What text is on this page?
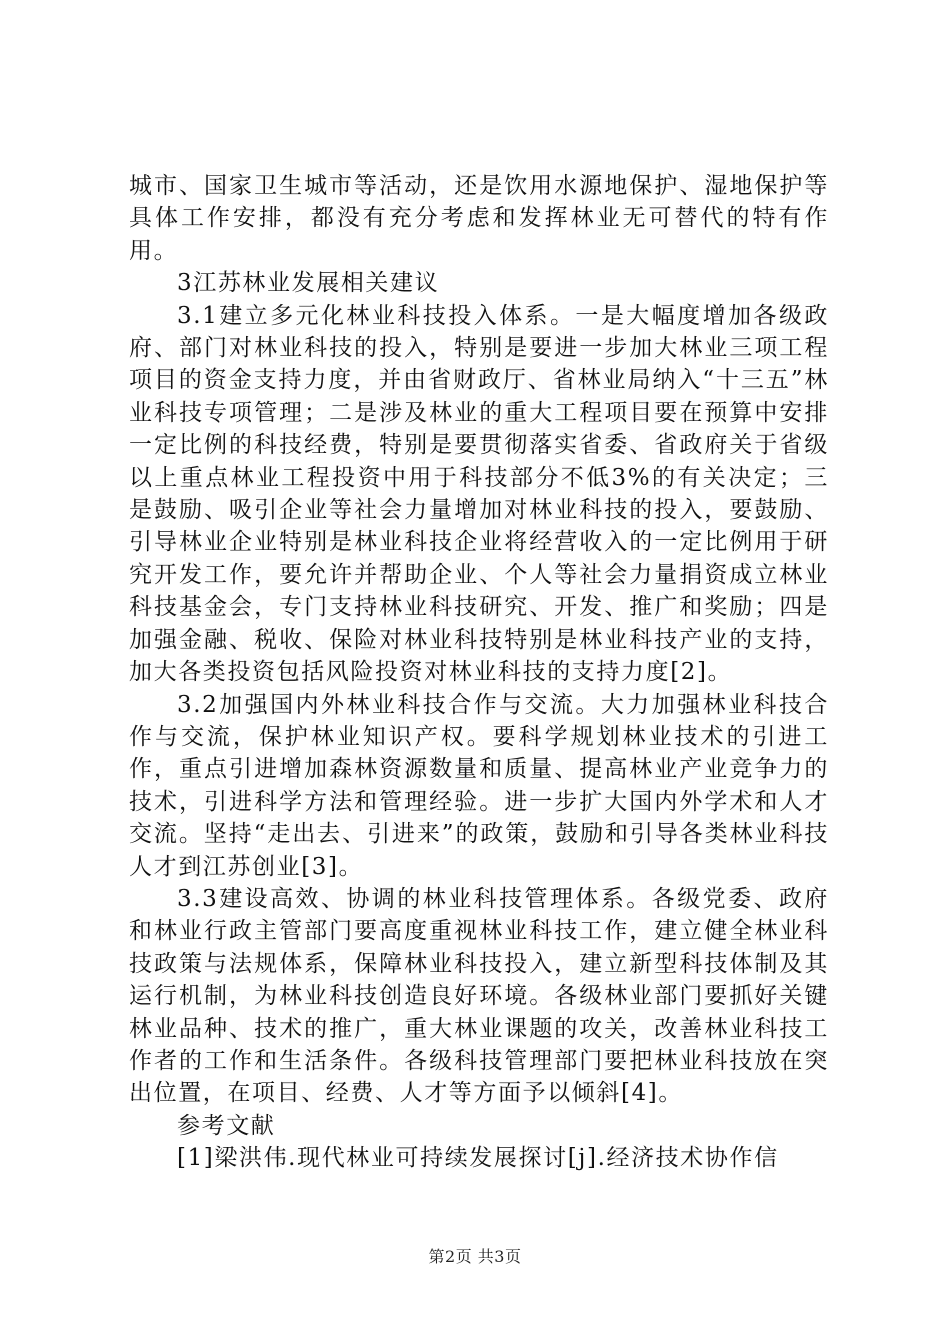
城市、国家卫生城市等活动，还是饮用水源地保护、湿地保护等具体工作安排，都没有充分考虑和发挥林业无可替代的特有作用。

3江苏林业发展相关建议

3.1建立多元化林业科技投入体系。一是大幅度增加各级政府、部门对林业科技的投入，特别是要进一步加大林业三项工程项目的资金支持力度，并由省财政厅、省林业局纳入“十三五”林业科技专项管理；二是涉及林业的重大工程项目要在预算中安排一定比例的科技经费，特别是要贯彻落实省委、省政府关于省级以上重点林业工程投资中用于科技部分不低3%的有关决定；三是鼓励、吸引企业等社会力量增加对林业科技的投入，要鼓励、引导林业企业特别是林业科技企业将经营收入的一定比例用于研究开发工作，要允许并帮助企业、个人等社会力量捐资成立林业科技基金会，专门支持林业科技研究、开发、推广和奖励；四是加强金融、税收、保险对林业科技特别是林业科技产业的支持，加大各类投资包括风险投资对林业科技的支持力度[2]。

3.2加强国内外林业科技合作与交流。大力加强林业科技合作与交流，保护林业知识产权。要科学规划林业技术的引进工作，重点引进增加森林资源数量和质量、提高林业产业竞争力的技术，引进科学方法和管理经验。进一步扩大国内外学术和人才交流。坚持“走出去、引进来”的政策，鼓励和引导各类林业科技人才到江苏创业[3]。

3.3建设高效、协调的林业科技管理体系。各级党委、政府和林业行政主管部门要高度重视林业科技工作，建立健全林业科技政策与法规体系，保障林业科技投入，建立新型科技体制及其运行机制，为林业科技创造良好环境。各级林业部门要抓好关键林业品种、技术的推广，重大林业课题的攻关，改善林业科技工作者的工作和生活条件。各级科技管理部门要把林业科技放在突出位置，在项目、经费、人才等方面予以倾斜[4]。

参考文献

[1]梁洪伟.现代林业可持续发展探讨[j].经济技术协作信

第2页 共3页
